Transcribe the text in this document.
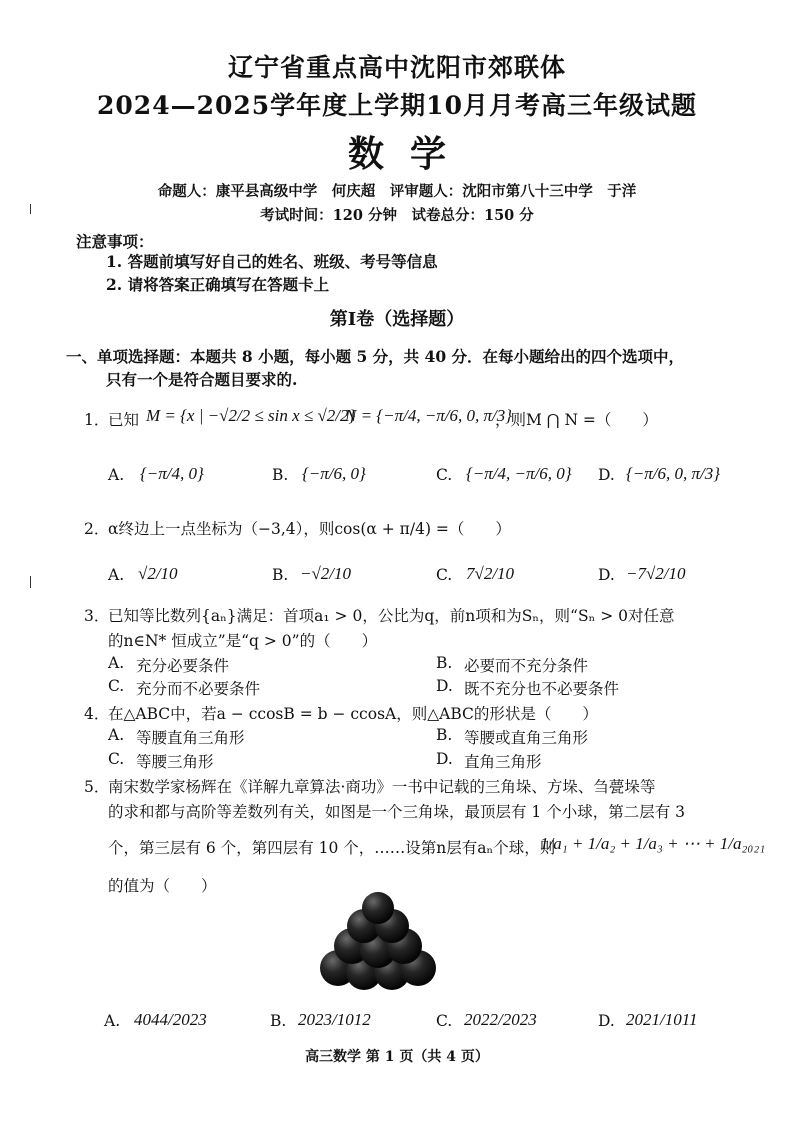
辽宁省重点高中沈阳市郊联体
2024—2025学年度上学期10月月考高三年级试题
数学
命题人：康平县高级中学　何庆超　评审题人：沈阳市第八十三中学　于洋
考试时间：120 分钟　试卷总分：150 分
注意事项：
1. 答题前填写好自己的姓名、班级、考号等信息
2. 请将答案正确填写在答题卡上
第Ⅰ卷（选择题）
一、单项选择题：本题共 8 小题，每小题 5 分，共 40 分．在每小题给出的四个选项中，
只有一个是符合题目要求的.
1．
已知 M = {x | −√2/2 ≤ sin x ≤ √2/2}
N = {−π/4, −π/6, 0, π/3}
，则M ⋂ N =（　　）
A. {−π/4, 0}	B. {−π/6, 0}	C. {−π/4, −π/6, 0} D. {−π/6, 0, π/3}
2．
α终边上一点坐标为（−3,4），则cos(α + π/4) =（　　）
A. √2/10	B. −√2/10	C. 7√2/10	D. −7√2/10
3．
已知等比数列{aₙ}满足：首项a₁ > 0，公比为q，前n项和为Sₙ，则“Sₙ > 0对任意
的n∈N* 恒成立”是“q > 0”的（　　）
A. 充分必要条件	B. 必要而不充分条件
C. 充分而不必要条件	D. 既不充分也不必要条件
4．
在△ABC中，若a − ccosB = b − ccosA，则△ABC的形状是（　　）
A. 等腰直角三角形	B. 等腰或直角三角形
C. 等腰三角形	D. 直角三角形
5．
南宋数学家杨辉在《详解九章算法·商功》一书中记载的三角垛、方垛、刍甍垛等
的求和都与高阶等差数列有关，如图是一个三角垛，最顶层有 1 个小球，第二层有 3
个，第三层有 6 个，第四层有 10 个，……设第n层有aₙ个球，则
1/a₁ + 1/a₂ + 1/a₃ + ⋯ + 1/a₂₀₂₁
的值为（　　）
A. 4044/2023	B. 2023/1012	C. 2022/2023	D. 2021/1011
高三数学 第 1 页（共 4 页）
